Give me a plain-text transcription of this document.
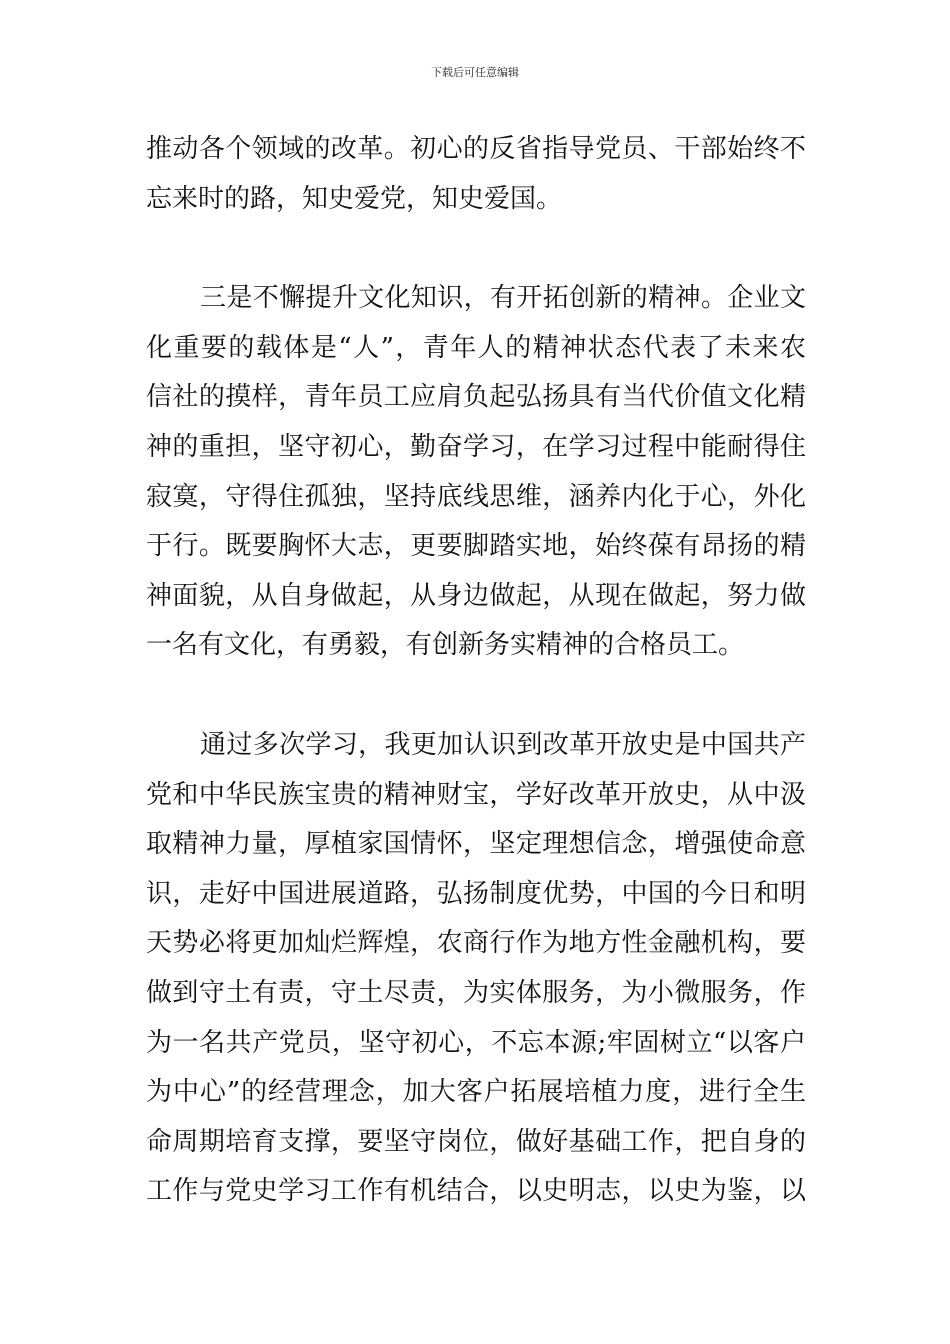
下载后可任意编辑
推动各个领域的改革。初心的反省指导党员、干部始终不
忘来时的路，知史爱党，知史爱国。
三是不懈提升文化知识，有开拓创新的精神。企业文
化重要的载体是“人”，青年人的精神状态代表了未来农
信社的摸样，青年员工应肩负起弘扬具有当代价值文化精
神的重担，坚守初心，勤奋学习，在学习过程中能耐得住
寂寞，守得住孤独，坚持底线思维，涵养内化于心，外化
于行。既要胸怀大志，更要脚踏实地，始终葆有昂扬的精
神面貌，从自身做起，从身边做起，从现在做起，努力做
一名有文化，有勇毅，有创新务实精神的合格员工。
通过多次学习，我更加认识到改革开放史是中国共产
党和中华民族宝贵的精神财宝，学好改革开放史，从中汲
取精神力量，厚植家国情怀，坚定理想信念，增强使命意
识，走好中国进展道路，弘扬制度优势，中国的今日和明
天势必将更加灿烂辉煌，农商行作为地方性金融机构，要
做到守土有责，守土尽责，为实体服务，为小微服务，作
为一名共产党员，坚守初心，不忘本源;牢固树立“以客户
为中心”的经营理念，加大客户拓展培植力度，进行全生
命周期培育支撑，要坚守岗位，做好基础工作，把自身的
工作与党史学习工作有机结合，以史明志，以史为鉴，以
